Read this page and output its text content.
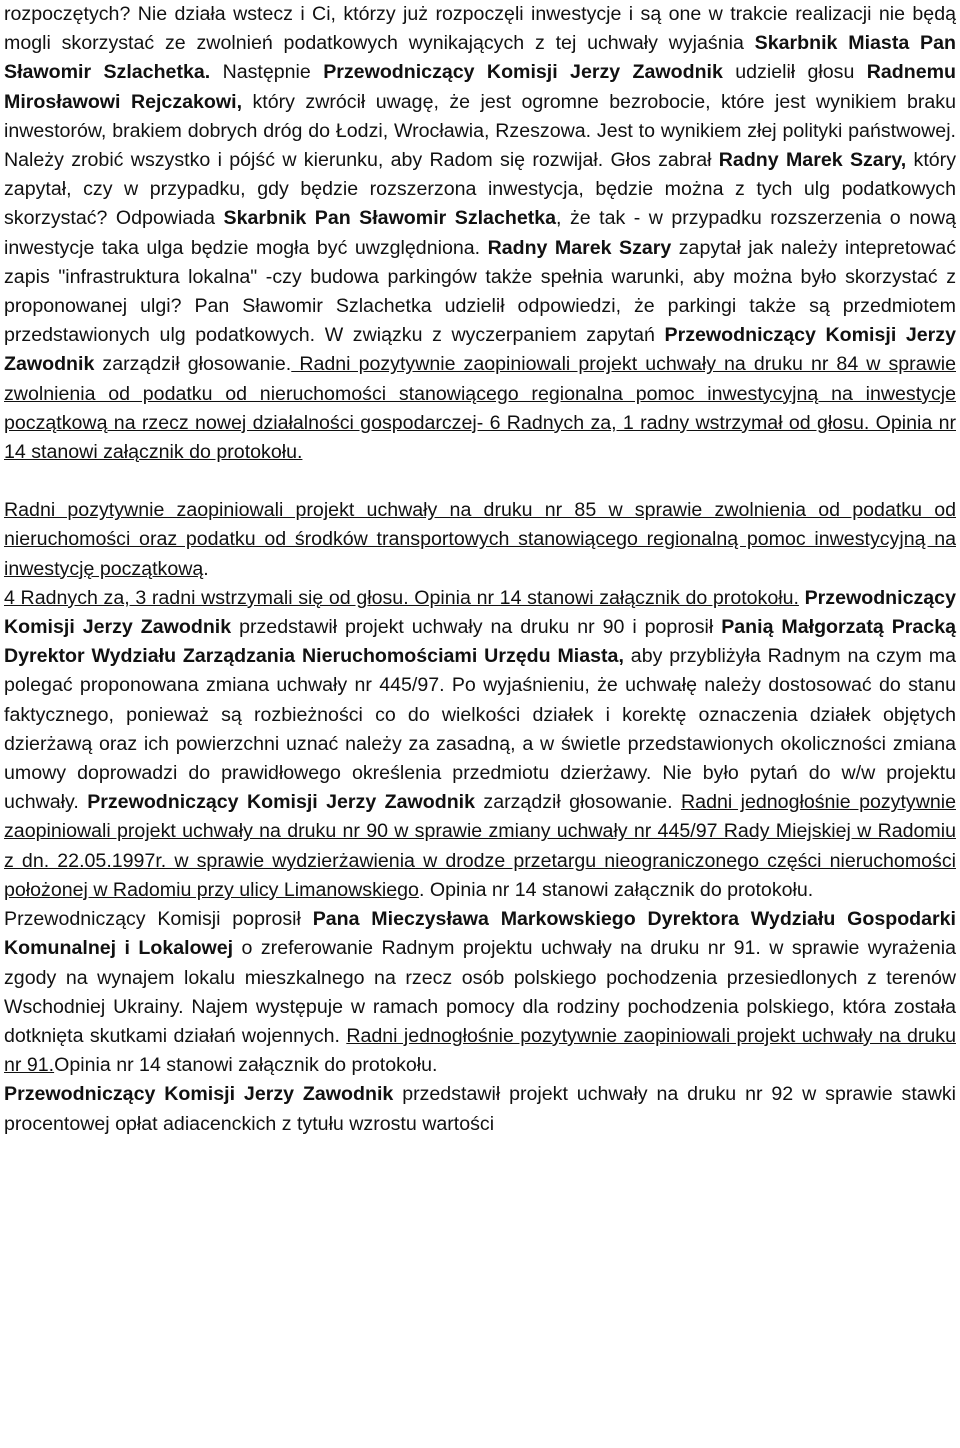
rozpoczętych? Nie działa wstecz i Ci, którzy już rozpoczęli inwestycje i są one w trakcie realizacji nie będą mogli skorzystać ze zwolnień podatkowych wynikających z tej uchwały wyjaśnia Skarbnik Miasta Pan Sławomir Szlachetka. Następnie Przewodniczący Komisji Jerzy Zawodnik udzielił głosu Radnemu Mirosławowi Rejczakowi, który zwrócił uwagę, że jest ogromne bezrobocie, które jest wynikiem braku inwestorów, brakiem dobrych dróg do Łodzi, Wrocławia, Rzeszowa. Jest to wynikiem złej polityki państwowej. Należy zrobić wszystko i pójść w kierunku, aby Radom się rozwijał. Głos zabrał Radny Marek Szary, który zapytał, czy w przypadku, gdy będzie rozszerzona inwestycja, będzie można z tych ulg podatkowych skorzystać? Odpowiada Skarbnik Pan Sławomir Szlachetka, że tak - w przypadku rozszerzenia o nową inwestycje taka ulga będzie mogła być uwzględniona. Radny Marek Szary zapytał jak należy intepretować zapis "infrastruktura lokalna" -czy budowa parkingów także spełnia warunki, aby można było skorzystać z proponowanej ulgi? Pan Sławomir Szlachetka udzielił odpowiedzi, że parkingi także są przedmiotem przedstawionych ulg podatkowych. W związku z wyczerpaniem zapytań Przewodniczący Komisji Jerzy Zawodnik zarządził głosowanie. Radni pozytywnie zaopiniowali projekt uchwały na druku nr 84 w sprawie zwolnienia od podatku od nieruchomości stanowiącego regionalna pomoc inwestycyjną na inwestycje początkową na rzecz nowej działalności gospodarczej- 6 Radnych za, 1 radny wstrzymał od głosu. Opinia nr 14 stanowi załącznik do protokołu.

Radni pozytywnie zaopiniowali projekt uchwały na druku nr 85 w sprawie zwolnienia od podatku od nieruchomości oraz podatku od środków transportowych stanowiącego regionalną pomoc inwestycyjną na inwestycję początkową.

4 Radnych za, 3 radni wstrzymali się od głosu. Opinia nr 14 stanowi załącznik do protokołu. Przewodniczący Komisji Jerzy Zawodnik przedstawił projekt uchwały na druku nr 90 i poprosił Panią Małgorzatą Pracką Dyrektor Wydziału Zarządzania Nieruchomościami Urzędu Miasta, aby przybliżyła Radnym na czym ma polegać proponowana zmiana uchwały nr 445/97. Po wyjaśnieniu, że uchwałę należy dostosować do stanu faktycznego, ponieważ są rozbieżności co do wielkości działek i korektę oznaczenia działek objętych dzierżawą oraz ich powierzchni uznać należy za zasadną, a w świetle przedstawionych okoliczności zmiana umowy doprowadzi do prawidłowego określenia przedmiotu dzierżawy. Nie było pytań do w/w projektu uchwały. Przewodniczący Komisji Jerzy Zawodnik zarządził głosowanie. Radni jednogłośnie pozytywnie zaopiniowali projekt uchwały na druku nr 90 w sprawie zmiany uchwały nr 445/97 Rady Miejskiej w Radomiu z dn. 22.05.1997r. w sprawie wydzierżawienia w drodze przetargu nieograniczonego części nieruchomości położonej w Radomiu przy ulicy Limanowskiego. Opinia nr 14 stanowi załącznik do protokołu.

Przewodniczący Komisji poprosił Pana Mieczysława Markowskiego Dyrektora Wydziału Gospodarki Komunalnej i Lokalowej o zreferowanie Radnym projektu uchwały na druku nr 91. w sprawie wyrażenia zgody na wynajem lokalu mieszkalnego na rzecz osób polskiego pochodzenia przesiedlonych z terenów Wschodniej Ukrainy. Najem występuje w ramach pomocy dla rodziny pochodzenia polskiego, która została dotknięta skutkami działań wojennych. Radni jednogłośnie pozytywnie zaopiniowali projekt uchwały na druku nr 91.Opinia nr 14 stanowi załącznik do protokołu.

Przewodniczący Komisji Jerzy Zawodnik przedstawił projekt uchwały na druku nr 92 w sprawie stawki procentowej opłat adiacenckich z tytułu wzrostu wartości
